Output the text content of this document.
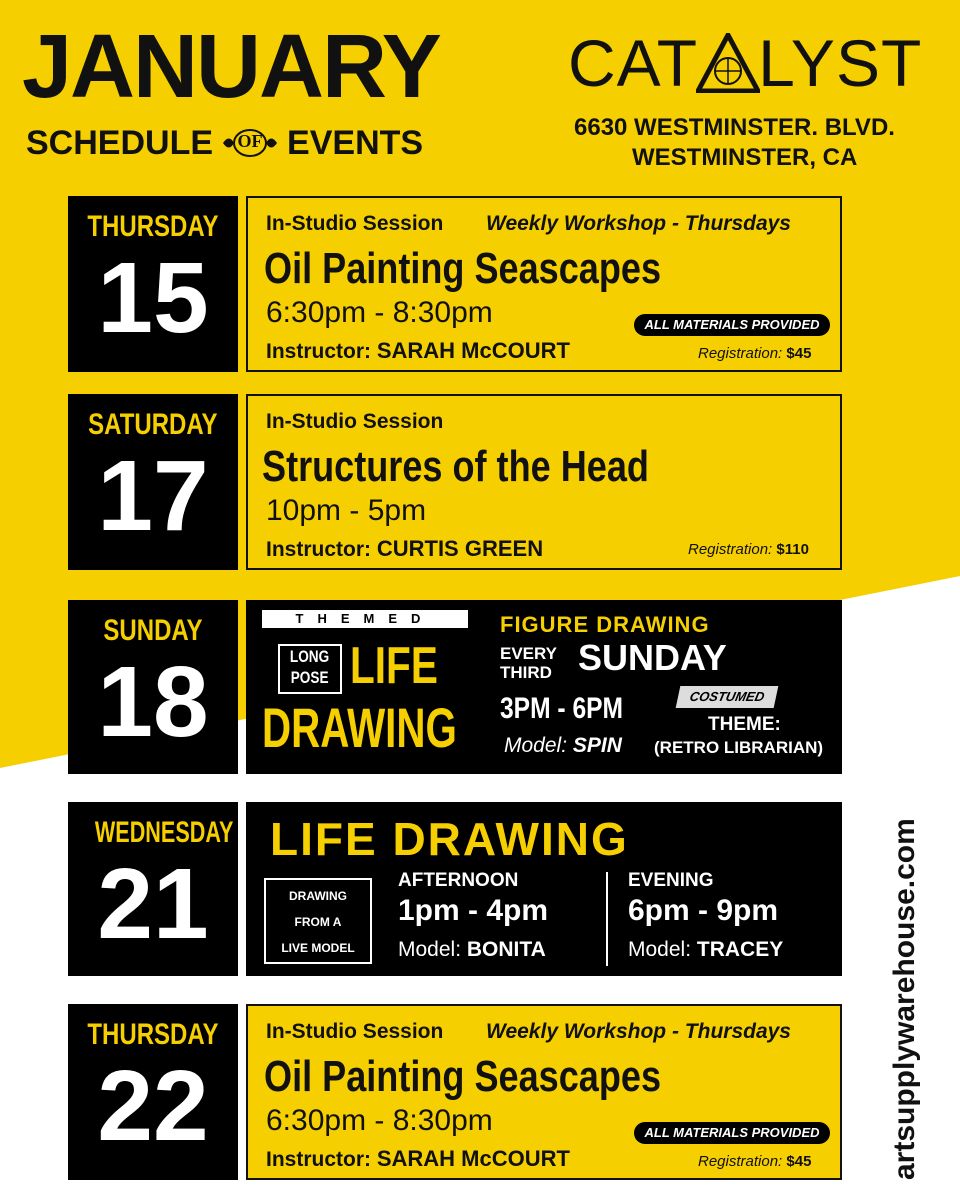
JANUARY
SCHEDULE	OF EVENTS
CAT LYST
6630 WESTMINSTER. BLVD.
WESTMINSTER, CA
THURSDAY
15
In-Studio Session Weekly Workshop - Thursdays
Oil Painting Seascapes
6:30pm - 8:30pm
Instructor: SARAH McCOURT
ALL MATERIALS PROVIDED
Registration: $45
SATURDAY
17
In-Studio Session
Structures of the Head
10pm - 5pm
Instructor: CURTIS GREEN	Registration: $110
SUNDAY
18
THEMED
LONG
POSE LIFE
DRAWING
FIGURE DRAWING
EVERY
THIRD SUNDAY
3PM - 6PM	COSTUMED
Model: SPIN
THEME:
(RETRO LIBRARIAN)
WEDNESDAY
21
LIFE DRAWING
DRAWING
FROM A
LIVE MODEL
AFTERNOON
1pm - 4pm
Model: BONITA
EVENING
6pm - 9pm
Model: TRACEY
THURSDAY
22
In-Studio Session Weekly Workshop - Thursdays
Oil Painting Seascapes
6:30pm - 8:30pm
Instructor: SARAH McCOURT
ALL MATERIALS PROVIDED
Registration: $45	artsupplywarehouse.com
